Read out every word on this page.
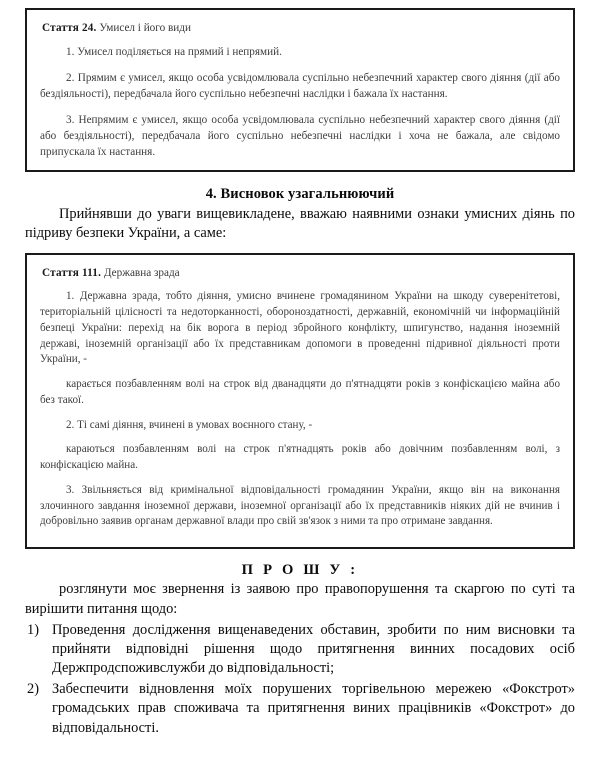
Стаття 24. Умисел і його види

1. Умисел поділяється на прямий і непрямий.

2. Прямим є умисел, якщо особа усвідомлювала суспільно небезпечний характер свого діяння (дії або бездіяльності), передбачала його суспільно небезпечні наслідки і бажала їх настання.

3. Непрямим є умисел, якщо особа усвідомлювала суспільно небезпечний характер свого діяння (дії або бездіяльності), передбачала його суспільно небезпечні наслідки і хоча не бажала, але свідомо припускала їх настання.

4. Висновок узагальнюючий

Прийнявши до уваги вищевикладене, вважаю наявними ознаки умисних діянь по підриву безпеки України, а саме:

Стаття 111. Державна зрада

1. Державна зрада, тобто діяння, умисно вчинене громадянином України на шкоду суверенітетові, територіальній цілісності та недоторканності, обороноздатності, державній, економічній чи інформаційній безпеці України: перехід на бік ворога в період збройного конфлікту, шпигунство, надання іноземній державі, іноземній організації або їх представникам допомоги в проведенні підривної діяльності проти України, -

карається позбавленням волі на строк від дванадцяти до п'ятнадцяти років з конфіскацією майна або без такої.

2. Ті самі діяння, вчинені в умовах воєнного стану, -

караються позбавленням волі на строк п'ятнадцять років або довічним позбавленням волі, з конфіскацією майна.

3. Звільняється від кримінальної відповідальності громадянин України, якщо він на виконання злочинного завдання іноземної держави, іноземної організації або їх представників ніяких дій не вчинив і добровільно заявив органам державної влади про свій зв'язок з ними та про отримане завдання.

П Р О Ш У :

розглянути моє звернення із заявою про правопорушення та скаргою по суті та вирішити питання щодо:

Проведення дослідження вищенаведених обставин, зробити по ним висновки та прийняти відповідні рішення щодо притягнення винних посадових осіб Держпродспоживслужби до відповідальності;
Забеспечити відновлення моїх порушених торгівельною мережею «Фокстрот» громадських прав споживача та притягнення виних працівників «Фокстрот» до відповідальності.
